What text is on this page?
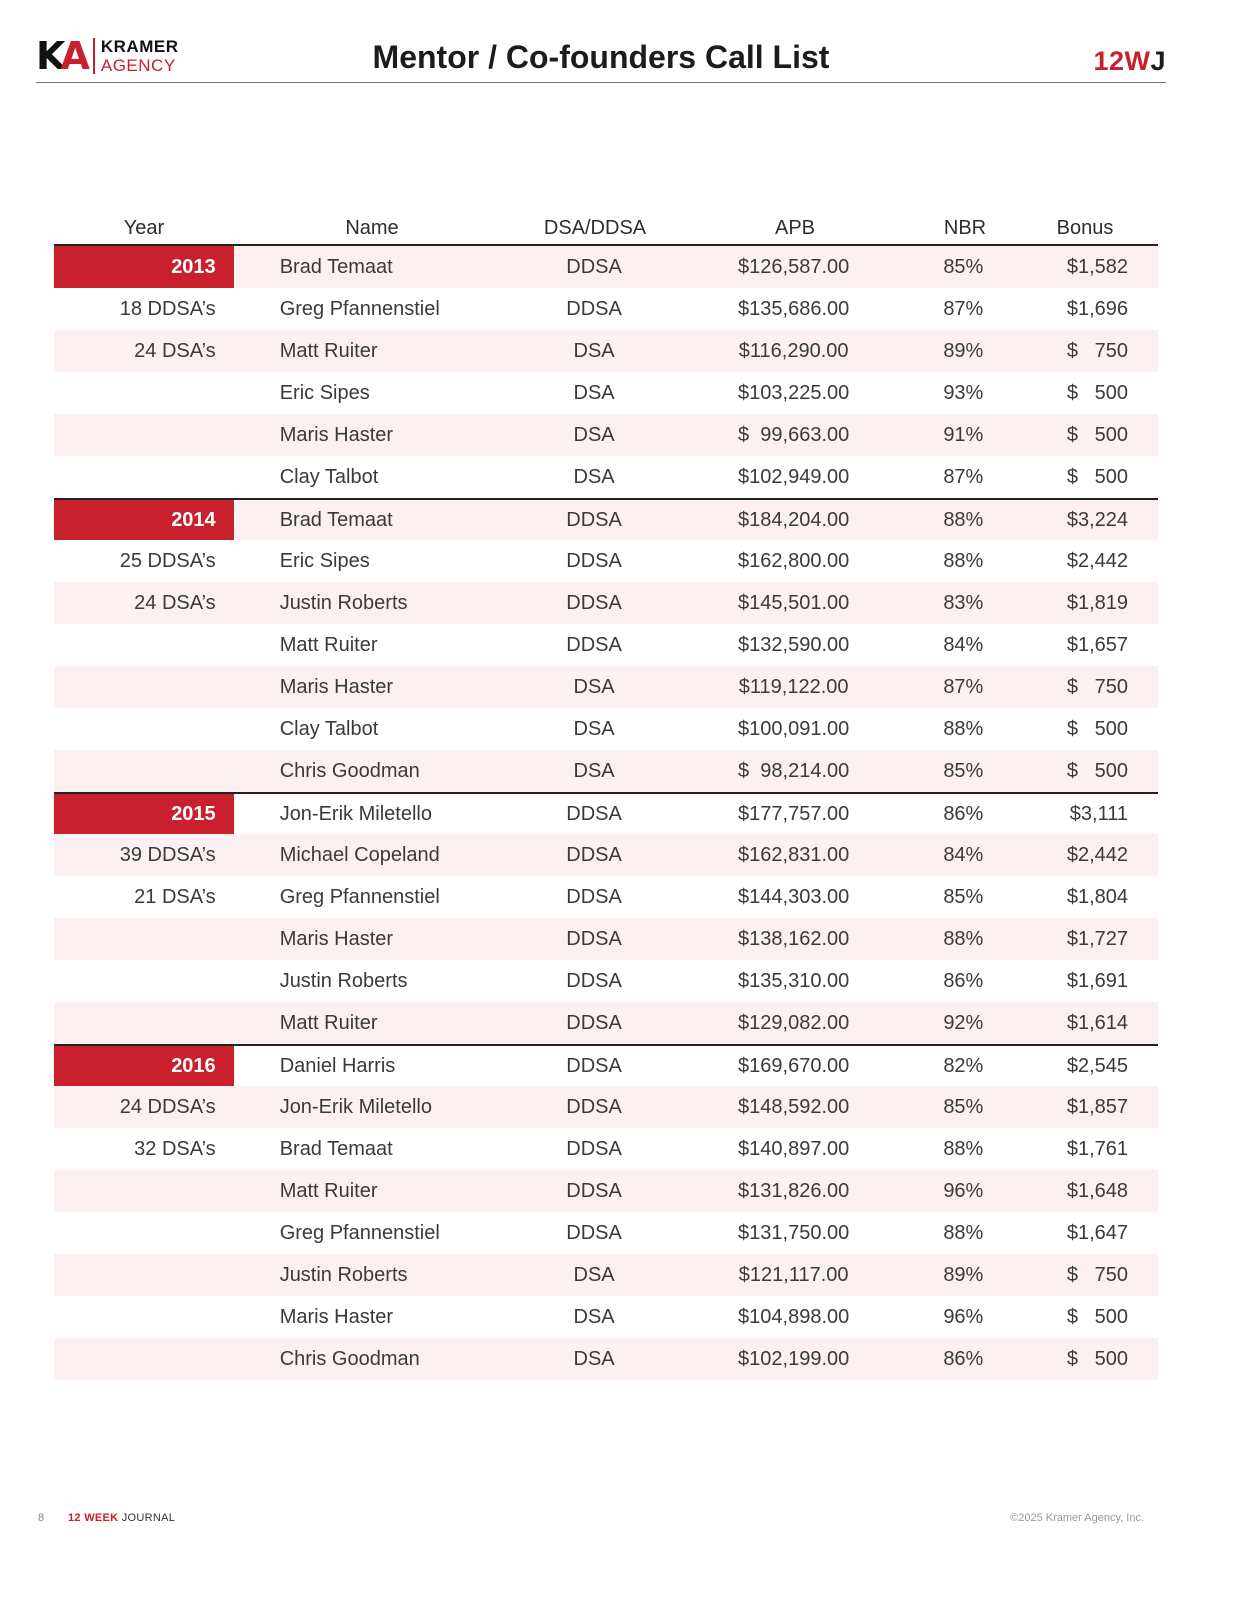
KA KRAMER
AGENCY	Mentor / Co-founders Call List	12WJ
Year	Name	DSA/DDSA	APB	NBR	Bonus
2013	Brad Temaat	DDSA	$126,587.00	85%	$1,582
18 DDSA’s	Greg Pfannenstiel	DDSA	$135,686.00	87%	$1,696
24 DSA’s	Matt Ruiter	DSA	$116,290.00	89%	$   750
Eric Sipes	DSA	$103,225.00	93%	$   500
Maris Haster	DSA	$  99,663.00	91%	$   500
Clay Talbot	DSA	$102,949.00	87%	$   500
2014	Brad Temaat	DDSA	$184,204.00	88%	$3,224
25 DDSA’s	Eric Sipes	DDSA	$162,800.00	88%	$2,442
24 DSA’s	Justin Roberts	DDSA	$145,501.00	83%	$1,819
Matt Ruiter	DDSA	$132,590.00	84%	$1,657
Maris Haster	DSA	$119,122.00	87%	$   750
Clay Talbot	DSA	$100,091.00	88%	$   500
Chris Goodman	DSA	$  98,214.00	85%	$   500
2015	Jon-Erik Miletello	DDSA	$177,757.00	86%	$3,111
39 DDSA’s	Michael Copeland	DDSA	$162,831.00	84%	$2,442
21 DSA’s	Greg Pfannenstiel	DDSA	$144,303.00	85%	$1,804
Maris Haster	DDSA	$138,162.00	88%	$1,727
Justin Roberts	DDSA	$135,310.00	86%	$1,691
Matt Ruiter	DDSA	$129,082.00	92%	$1,614
2016	Daniel Harris	DDSA	$169,670.00	82%	$2,545
24 DDSA’s	Jon-Erik Miletello	DDSA	$148,592.00	85%	$1,857
32 DSA’s	Brad Temaat	DDSA	$140,897.00	88%	$1,761
Matt Ruiter	DDSA	$131,826.00	96%	$1,648
Greg Pfannenstiel	DDSA	$131,750.00	88%	$1,647
Justin Roberts	DSA	$121,117.00	89%	$   750
Maris Haster	DSA	$104,898.00	96%	$   500
Chris Goodman	DSA	$102,199.00	86%	$   500
8 12 WEEK JOURNAL	©2025 Kramer Agency, Inc.
